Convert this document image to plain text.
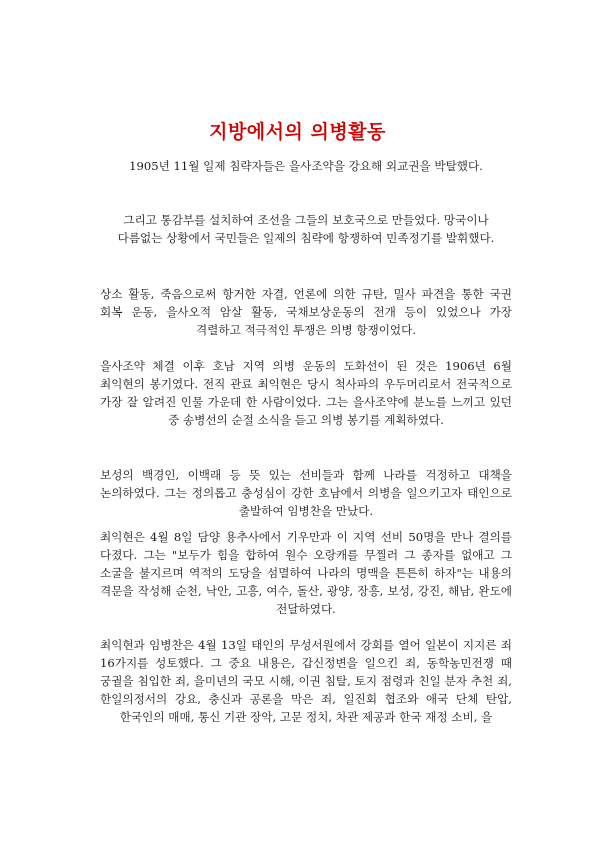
지방에서의 의병활동

1905년 11월 일제 침략자들은 을사조약을 강요해 외교권을 박탈했다.

그리고 통감부를 설치하여 조선을 그들의 보호국으로 만들었다. 망국이나 다름없는 상황에서 국민들은 일제의 침략에 항쟁하여 민족정기를 발휘했다.

상소 활동, 죽음으로써 항거한 자결, 언론에 의한 규탄, 밀사 파견을 통한 국권 회복 운동, 을사오적 암살 활동, 국채보상운동의 전개 등이 있었으나 가장 격렬하고 적극적인 투쟁은 의병 항쟁이었다.

을사조약 체결 이후 호남 지역 의병 운동의 도화선이 된 것은 1906년 6월 최익현의 봉기였다. 전직 관료 최익현은 당시 척사파의 우두머리로서 전국적으로 가장 잘 알려진 인물 가운데 한 사람이었다. 그는 을사조약에 분노를 느끼고 있던 중 송병선의 순절 소식을 듣고 의병 봉기를 계획하였다.

보성의 백경인, 이백래 등 뜻 있는 선비들과 함께 나라를 걱정하고 대책을 논의하였다. 그는 정의롭고 충성심이 강한 호남에서 의병을 일으키고자 태인으로 출발하여 임병찬을 만났다.

최익현은 4월 8일 담양 용추사에서 기우만과 이 지역 선비 50명을 만나 결의를 다졌다. 그는 "보두가 힘을 합하여 원수 오랑캐를 무찔러 그 종자를 없애고 그 소굴을 불지르며 역적의 도당을 섬멸하여 나라의 명맥을 튼튼히 하자"는 내용의 격문을 작성해 순천, 낙안, 고흥, 여수, 돌산, 광양, 장흥, 보성, 강진, 해남, 완도에 전달하였다.

최익현과 임병찬은 4월 13일 태인의 무성서원에서 강회를 열어 일본이 지지른 죄 16가지를 성토했다. 그 중요 내용은, 갑신정변을 일으킨 죄, 동학농민전쟁 때 궁궐을 침입한 죄, 을미년의 국모 시해, 이권 침탈, 토지 점령과 친일 분자 추천 죄, 한일의정서의 강요, 충신과 공론을 막은 죄, 일진회 협조와 애국 단체 탄압, 한국인의 매매, 통신 기관 장악, 고문 정치, 차관 제공과 한국 재정 소비, 을
